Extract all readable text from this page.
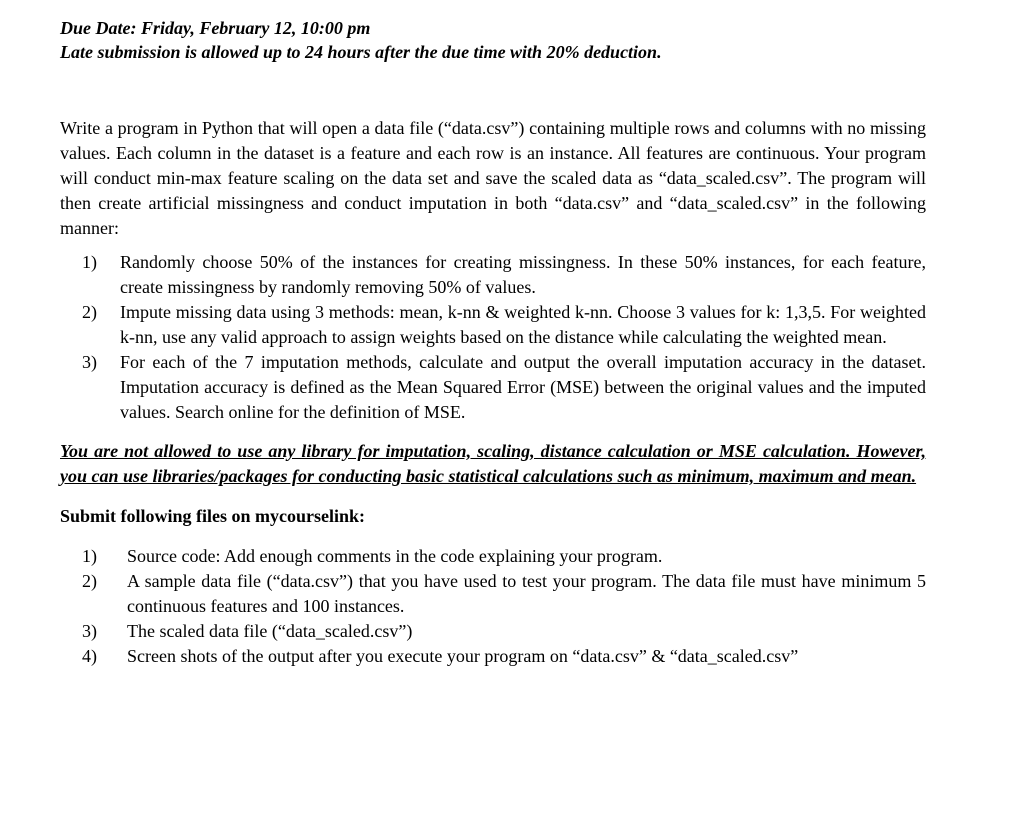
Due Date: Friday, February 12, 10:00 pm

Late submission is allowed up to 24 hours after the due time with 20% deduction.

Write a program in Python that will open a data file (“data.csv”) containing multiple rows and columns with no missing values. Each column in the dataset is a feature and each row is an instance. All features are continuous. Your program will conduct min-max feature scaling on the data set and save the scaled data as “data_scaled.csv”. The program will then create artificial missingness and conduct imputation in both “data.csv” and “data_scaled.csv” in the following manner:
1) Randomly choose 50% of the instances for creating missingness. In these 50% instances, for each feature, create missingness by randomly removing 50% of values.
2) Impute missing data using 3 methods: mean, k-nn & weighted k-nn. Choose 3 values for k: 1,3,5. For weighted k-nn, use any valid approach to assign weights based on the distance while calculating the weighted mean.
3) For each of the 7 imputation methods, calculate and output the overall imputation accuracy in the dataset. Imputation accuracy is defined as the Mean Squared Error (MSE) between the original values and the imputed values. Search online for the definition of MSE.
You are not allowed to use any library for imputation, scaling, distance calculation or MSE calculation. However, you can use libraries/packages for conducting basic statistical calculations such as minimum, maximum and mean.
Submit following files on mycourselink:
1) Source code: Add enough comments in the code explaining your program.
2) A sample data file (“data.csv”) that you have used to test your program. The data file must have minimum 5 continuous features and 100 instances.
3) The scaled data file (“data_scaled.csv”)
4) Screen shots of the output after you execute your program on “data.csv” & “data_scaled.csv”
